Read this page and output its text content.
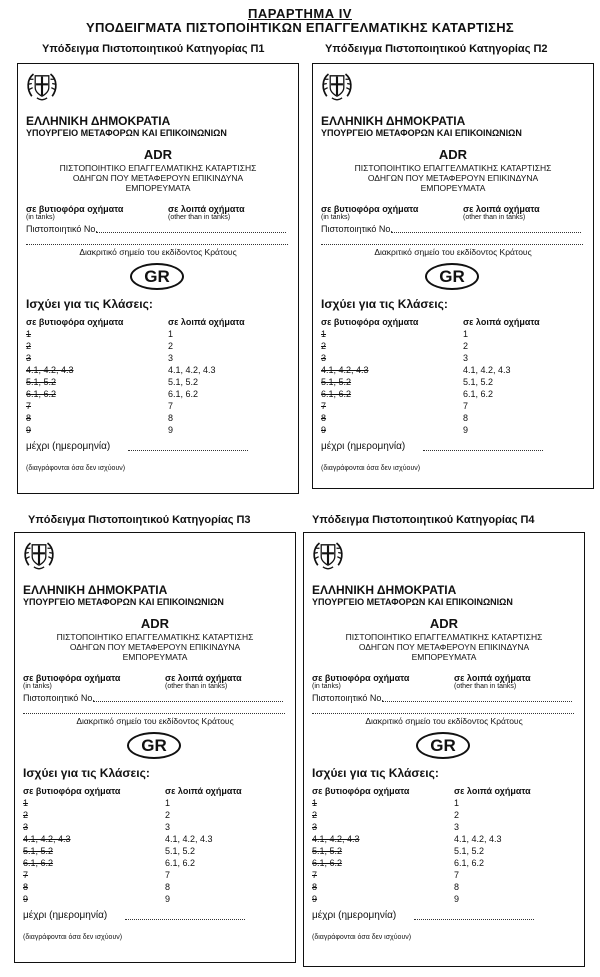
ΠΑΡΑΡΤΗΜΑ IV
ΥΠΟΔΕΙΓΜΑΤΑ ΠΙΣΤΟΠΟΙΗΤΙΚΩΝ ΕΠΑΓΓΕΛΜΑΤΙΚΗΣ ΚΑΤΑΡΤΙΣΗΣ
Υπόδειγμα Πιστοποιητικού Κατηγορίας Π1	Υπόδειγμα Πιστοποιητικού Κατηγορίας Π2
Υπόδειγμα Πιστοποιητικού Κατηγορίας Π3	Υπόδειγμα Πιστοποιητικού Κατηγορίας Π4
ΕΛΛΗΝΙΚΗ ΔΗΜΟΚΡΑΤΙΑ
ΥΠΟΥΡΓΕΙΟ ΜΕΤΑΦΟΡΩΝ ΚΑΙ ΕΠΙΚΟΙΝΩΝΙΩΝ
ADR
ΠΙΣΤΟΠΟΙΗΤΙΚΟ ΕΠΑΓΓΕΛΜΑΤΙΚΗΣ ΚΑΤΑΡΤΙΣΗΣ
ΟΔΗΓΩΝ ΠΟΥ ΜΕΤΑΦΕΡΟΥΝ ΕΠΙΚΙΝΔΥΝΑ
ΕΜΠΟΡΕΥΜΑΤΑ
σε βυτιοφόρα οχήματα
(in tanks)
σε λοιπά οχήματα
(other than in tanks)
Πιστοποιητικό No.
Διακριτικό σημείο του εκδίδοντος Κράτους
GR
Ισχύει για τις Κλάσεις:
σε βυτιοφόρα οχήματα	σε λοιπά οχήματα
1	1
2	2
3	3
4.1, 4.2, 4.3	4.1, 4.2, 4.3
5.1, 5.2	5.1, 5.2
6.1, 6.2	6.1, 6.2
7	7
8	8
9	9
μέχρι (ημερομηνία)
(διαγράφονται όσα δεν ισχύουν)
ΕΛΛΗΝΙΚΗ ΔΗΜΟΚΡΑΤΙΑ
ΥΠΟΥΡΓΕΙΟ ΜΕΤΑΦΟΡΩΝ ΚΑΙ ΕΠΙΚΟΙΝΩΝΙΩΝ
ADR
ΠΙΣΤΟΠΟΙΗΤΙΚΟ ΕΠΑΓΓΕΛΜΑΤΙΚΗΣ ΚΑΤΑΡΤΙΣΗΣ
ΟΔΗΓΩΝ ΠΟΥ ΜΕΤΑΦΕΡΟΥΝ ΕΠΙΚΙΝΔΥΝΑ
ΕΜΠΟΡΕΥΜΑΤΑ
σε βυτιοφόρα οχήματα
(in tanks)
σε λοιπά οχήματα
(other than in tanks)
Πιστοποιητικό No.
Διακριτικό σημείο του εκδίδοντος Κράτους
GR
Ισχύει για τις Κλάσεις:
σε βυτιοφόρα οχήματα	σε λοιπά οχήματα
1	1
2	2
3	3
4.1, 4.2, 4.3	4.1, 4.2, 4.3
5.1, 5.2	5.1, 5.2
6.1, 6.2	6.1, 6.2
7	7
8	8
9	9
μέχρι (ημερομηνία)
(διαγράφονται όσα δεν ισχύουν)
ΕΛΛΗΝΙΚΗ ΔΗΜΟΚΡΑΤΙΑ
ΥΠΟΥΡΓΕΙΟ ΜΕΤΑΦΟΡΩΝ ΚΑΙ ΕΠΙΚΟΙΝΩΝΙΩΝ
ADR
ΠΙΣΤΟΠΟΙΗΤΙΚΟ ΕΠΑΓΓΕΛΜΑΤΙΚΗΣ ΚΑΤΑΡΤΙΣΗΣ
ΟΔΗΓΩΝ ΠΟΥ ΜΕΤΑΦΕΡΟΥΝ ΕΠΙΚΙΝΔΥΝΑ
ΕΜΠΟΡΕΥΜΑΤΑ
σε βυτιοφόρα οχήματα
(in tanks)
σε λοιπά οχήματα
(other than in tanks)
Πιστοποιητικό No.
Διακριτικό σημείο του εκδίδοντος Κράτους
GR
Ισχύει για τις Κλάσεις:
σε βυτιοφόρα οχήματα	σε λοιπά οχήματα
1	1
2	2
3	3
4.1, 4.2, 4.3	4.1, 4.2, 4.3
5.1, 5.2	5.1, 5.2
6.1, 6.2	6.1, 6.2
7	7
8	8
9	9
μέχρι (ημερομηνία)
(διαγράφονται όσα δεν ισχύουν)
ΕΛΛΗΝΙΚΗ ΔΗΜΟΚΡΑΤΙΑ
ΥΠΟΥΡΓΕΙΟ ΜΕΤΑΦΟΡΩΝ ΚΑΙ ΕΠΙΚΟΙΝΩΝΙΩΝ
ADR
ΠΙΣΤΟΠΟΙΗΤΙΚΟ ΕΠΑΓΓΕΛΜΑΤΙΚΗΣ ΚΑΤΑΡΤΙΣΗΣ
ΟΔΗΓΩΝ ΠΟΥ ΜΕΤΑΦΕΡΟΥΝ ΕΠΙΚΙΝΔΥΝΑ
ΕΜΠΟΡΕΥΜΑΤΑ
σε βυτιοφόρα οχήματα
(in tanks)
σε λοιπά οχήματα
(other than in tanks)
Πιστοποιητικό No.
Διακριτικό σημείο του εκδίδοντος Κράτους
GR
Ισχύει για τις Κλάσεις:
σε βυτιοφόρα οχήματα	σε λοιπά οχήματα
1	1
2	2
3	3
4.1, 4.2, 4.3	4.1, 4.2, 4.3
5.1, 5.2	5.1, 5.2
6.1, 6.2	6.1, 6.2
7	7
8	8
9	9
μέχρι (ημερομηνία)
(διαγράφονται όσα δεν ισχύουν)
